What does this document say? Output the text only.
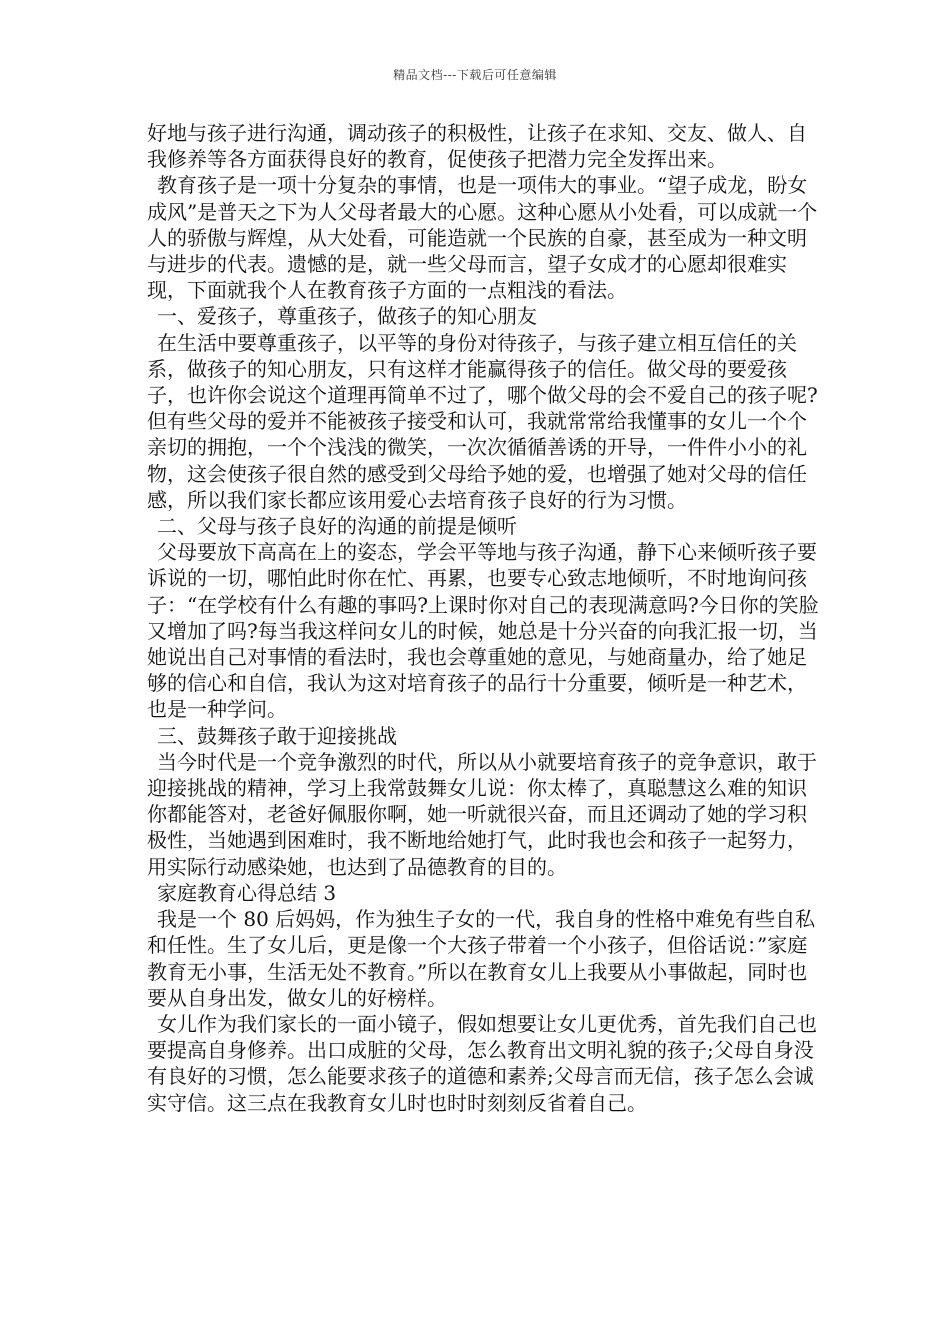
精品文档---下载后可任意编辑

好地与孩子进行沟通，调动孩子的积极性，让孩子在求知、交友、做人、自我修养等各方面获得良好的教育，促使孩子把潜力完全发挥出来。

教育孩子是一项十分复杂的事情，也是一项伟大的事业。“望子成龙，盼女成风”是普天之下为人父母者最大的心愿。这种心愿从小处看，可以成就一个人的骄傲与辉煌，从大处看，可能造就一个民族的自豪，甚至成为一种文明与进步的代表。遗憾的是，就一些父母而言，望子女成才的心愿却很难实现，下面就我个人在教育孩子方面的一点粗浅的看法。

一、爱孩子，尊重孩子，做孩子的知心朋友

在生活中要尊重孩子，以平等的身份对待孩子，与孩子建立相互信任的关系，做孩子的知心朋友，只有这样才能赢得孩子的信任。做父母的要爱孩子，也许你会说这个道理再简单不过了，哪个做父母的会不爱自己的孩子呢?但有些父母的爱并不能被孩子接受和认可，我就常常给我懂事的女儿一个个亲切的拥抱，一个个浅浅的微笑，一次次循循善诱的开导，一件件小小的礼物，这会使孩子很自然的感受到父母给予她的爱，也增强了她对父母的信任感，所以我们家长都应该用爱心去培育孩子良好的行为习惯。

二、父母与孩子良好的沟通的前提是倾听

父母要放下高高在上的姿态，学会平等地与孩子沟通，静下心来倾听孩子要诉说的一切，哪怕此时你在忙、再累，也要专心致志地倾听，不时地询问孩子：“在学校有什么有趣的事吗?上课时你对自己的表现满意吗?今日你的笑脸又增加了吗?每当我这样问女儿的时候，她总是十分兴奋的向我汇报一切，当她说出自己对事情的看法时，我也会尊重她的意见，与她商量办，给了她足够的信心和自信，我认为这对培育孩子的品行十分重要，倾听是一种艺术，也是一种学问。

三、鼓舞孩子敢于迎接挑战

当今时代是一个竞争激烈的时代，所以从小就要培育孩子的竞争意识，敢于迎接挑战的精神，学习上我常鼓舞女儿说：你太棒了，真聪慧这么难的知识你都能答对，老爸好佩服你啊，她一听就很兴奋，而且还调动了她的学习积极性，当她遇到困难时，我不断地给她打气，此时我也会和孩子一起努力，用实际行动感染她，也达到了品德教育的目的。

家庭教育心得总结 3

我是一个 80 后妈妈，作为独生子女的一代，我自身的性格中难免有些自私和任性。生了女儿后，更是像一个大孩子带着一个小孩子，但俗话说：”家庭教育无小事，生活无处不教育。”所以在教育女儿上我要从小事做起，同时也要从自身出发，做女儿的好榜样。

女儿作为我们家长的一面小镜子，假如想要让女儿更优秀，首先我们自己也要提高自身修养。出口成脏的父母，怎么教育出文明礼貌的孩子;父母自身没有良好的习惯，怎么能要求孩子的道德和素养;父母言而无信，孩子怎么会诚实守信。这三点在我教育女儿时也时时刻刻反省着自己。
